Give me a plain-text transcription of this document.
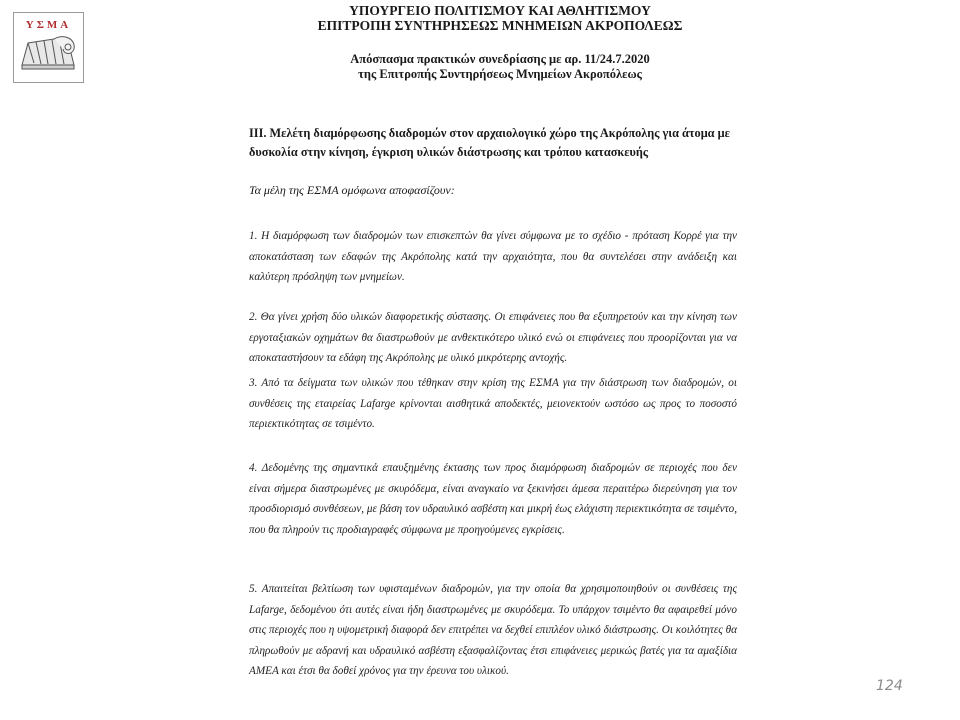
ΥΣΜΑ
ΥΠΟΥΡΓΕΙΟ ΠΟΛΙΤΙΣΜΟΥ ΚΑΙ ΑΘΛΗΤΙΣΜΟΥ
ΕΠΙΤΡΟΠΗ ΣΥΝΤΗΡΗΣΕΩΣ ΜΝΗΜΕΙΩΝ ΑΚΡΟΠΟΛΕΩΣ
Απόσπασμα πρακτικών συνεδρίασης με αρ. 11/24.7.2020
της Επιτροπής Συντηρήσεως Μνημείων Ακροπόλεως

ΙΙΙ. Μελέτη διαμόρφωσης διαδρομών στον αρχαιολογικό χώρο της Ακρόπολης για άτομα με δυσκολία στην κίνηση, έγκριση υλικών διάστρωσης και τρόπου κατασκευής

Τα μέλη της ΕΣΜΑ ομόφωνα αποφασίζουν:

1. Η διαμόρφωση των διαδρομών των επισκεπτών θα γίνει σύμφωνα με το σχέδιο - πρόταση Κορρέ για την αποκατάσταση των εδαφών της Ακρόπολης κατά την αρχαιότητα, που θα συντελέσει στην ανάδειξη και καλύτερη πρόσληψη των μνημείων.

2. Θα γίνει χρήση δύο υλικών διαφορετικής σύστασης. Οι επιφάνειες που θα εξυπηρετούν και την κίνηση των εργοταξιακών οχημάτων θα διαστρωθούν με ανθεκτικότερο υλικό ενώ οι επιφάνειες που προορίζονται για να αποκαταστήσουν τα εδάφη της Ακρόπολης με υλικό μικρότερης αντοχής.

3. Από τα δείγματα των υλικών που τέθηκαν στην κρίση της ΕΣΜΑ για την διάστρωση των διαδρομών, οι συνθέσεις της εταιρείας Lafarge κρίνονται αισθητικά αποδεκτές, μειονεκτούν ωστόσο ως προς το ποσοστό περιεκτικότητας σε τσιμέντο.

4. Δεδομένης της σημαντικά επαυξημένης έκτασης των προς διαμόρφωση διαδρομών σε περιοχές που δεν είναι σήμερα διαστρωμένες με σκυρόδεμα, είναι αναγκαίο να ξεκινήσει άμεσα περαιτέρω διερεύνηση για τον προσδιορισμό συνθέσεων, με βάση τον υδραυλικό ασβέστη και μικρή έως ελάχιστη περιεκτικότητα σε τσιμέντο, που θα πληρούν τις προδιαγραφές σύμφωνα με προηγούμενες εγκρίσεις.

5. Απαιτείται βελτίωση των υφισταμένων διαδρομών, για την οποία θα χρησιμοποιηθούν οι συνθέσεις της Lafarge, δεδομένου ότι αυτές είναι ήδη διαστρωμένες με σκυρόδεμα. Το υπάρχον τσιμέντο θα αφαιρεθεί μόνο στις περιοχές που η υψομετρική διαφορά δεν επιτρέπει να δεχθεί επιπλέον υλικό διάστρωσης. Οι κοιλότητες θα πληρωθούν με αδρανή και υδραυλικό ασβέστη εξασφαλίζοντας έτσι επιφάνειες μερικώς βατές για τα αμαξίδια ΑΜΕΑ και έτσι θα δοθεί χρόνος για την έρευνα του υλικού.

124
